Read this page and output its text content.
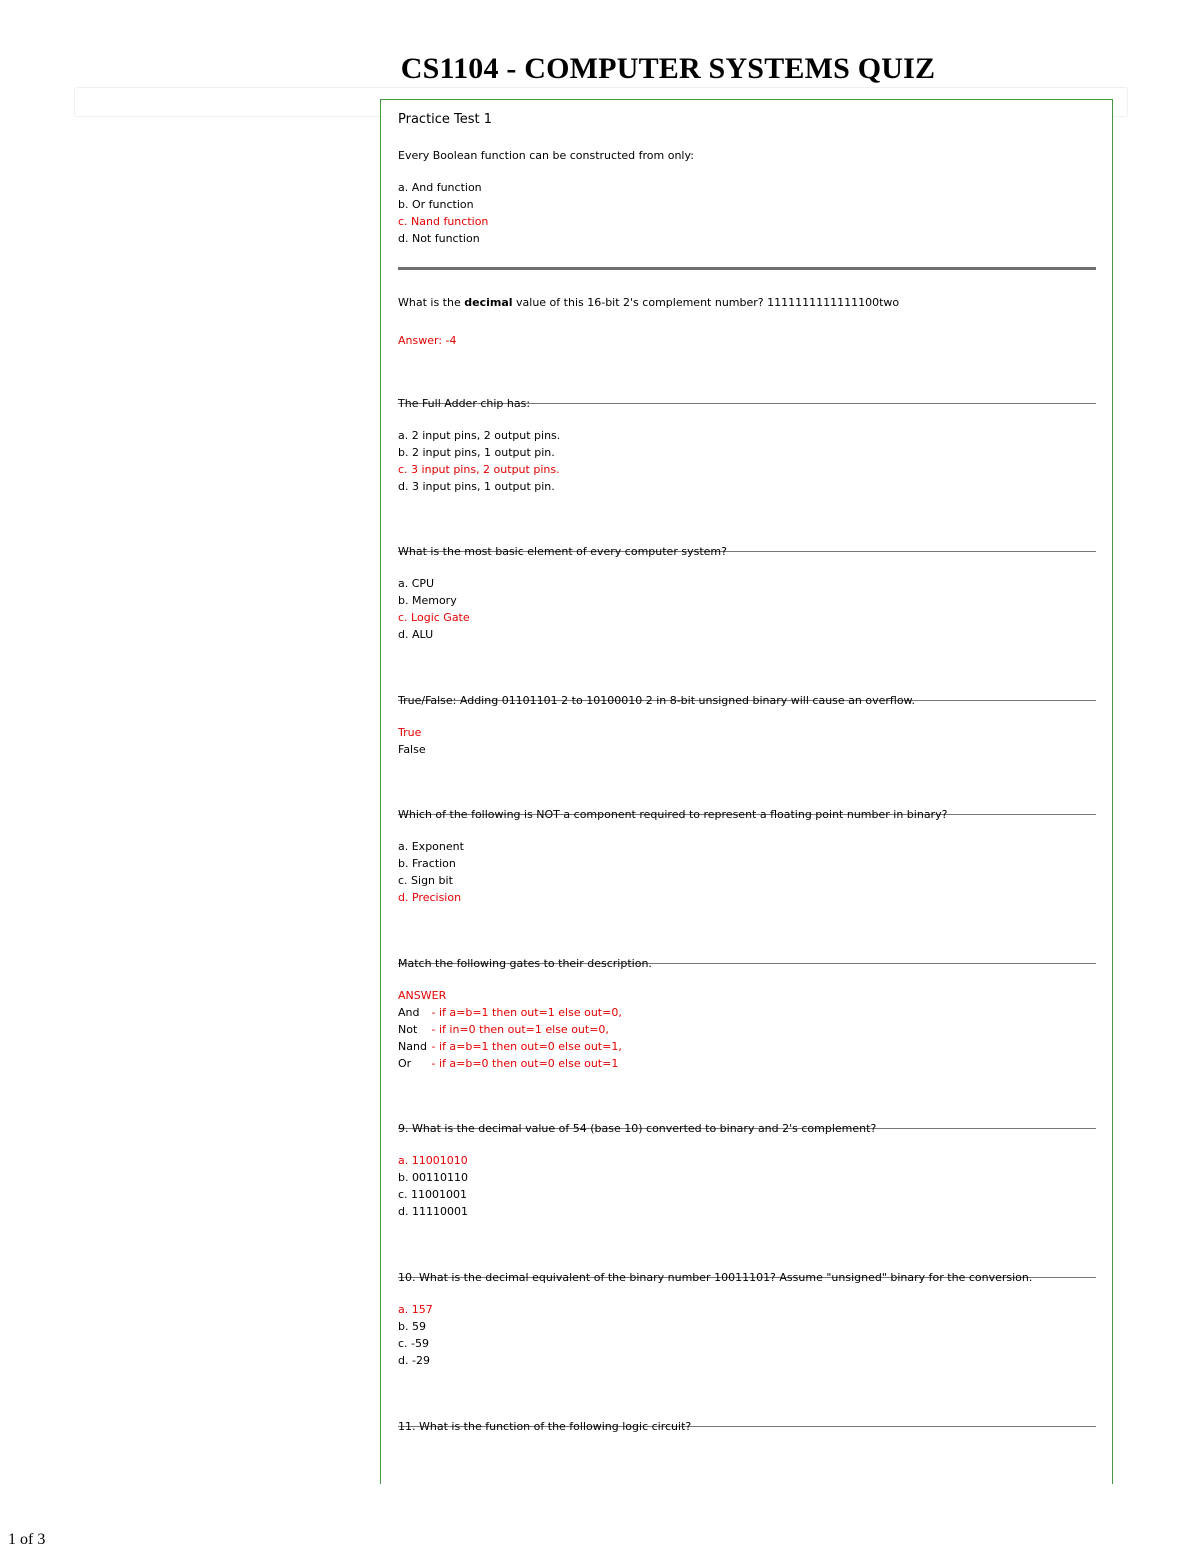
CS1104 - COMPUTER SYSTEMS QUIZ
Practice Test 1

Every Boolean function can be constructed from only:

a. And function
b. Or function
c. Nand function
d. Not function

What is the decimal value of this 16-bit 2's complement number? 1111111111111100two

Answer: -4

The Full Adder chip has:

a. 2 input pins, 2 output pins.
b. 2 input pins, 1 output pin.
c. 3 input pins, 2 output pins.
d. 3 input pins, 1 output pin.

What is the most basic element of every computer system?

a. CPU
b. Memory
c. Logic Gate
d. ALU

True/False: Adding 01101101 2 to 10100010 2 in 8-bit unsigned binary will cause an overflow.

True
False

Which of the following is NOT a component required to represent a floating point number in binary?

a. Exponent
b. Fraction
c. Sign bit
d. Precision

Match the following gates to their description.

ANSWER
And - if a=b=1 then out=1 else out=0,
Not - if in=0 then out=1 else out=0,
Nand - if a=b=1 then out=0 else out=1,
Or - if a=b=0 then out=0 else out=1

9. What is the decimal value of 54 (base 10) converted to binary and 2's complement?

a. 11001010
b. 00110110
c. 11001001
d. 11110001

10. What is the decimal equivalent of the binary number 10011101? Assume "unsigned" binary for the conversion.

a. 157
b. 59
c. -59
d. -29

11. What is the function of the following logic circuit?

1 of 3
